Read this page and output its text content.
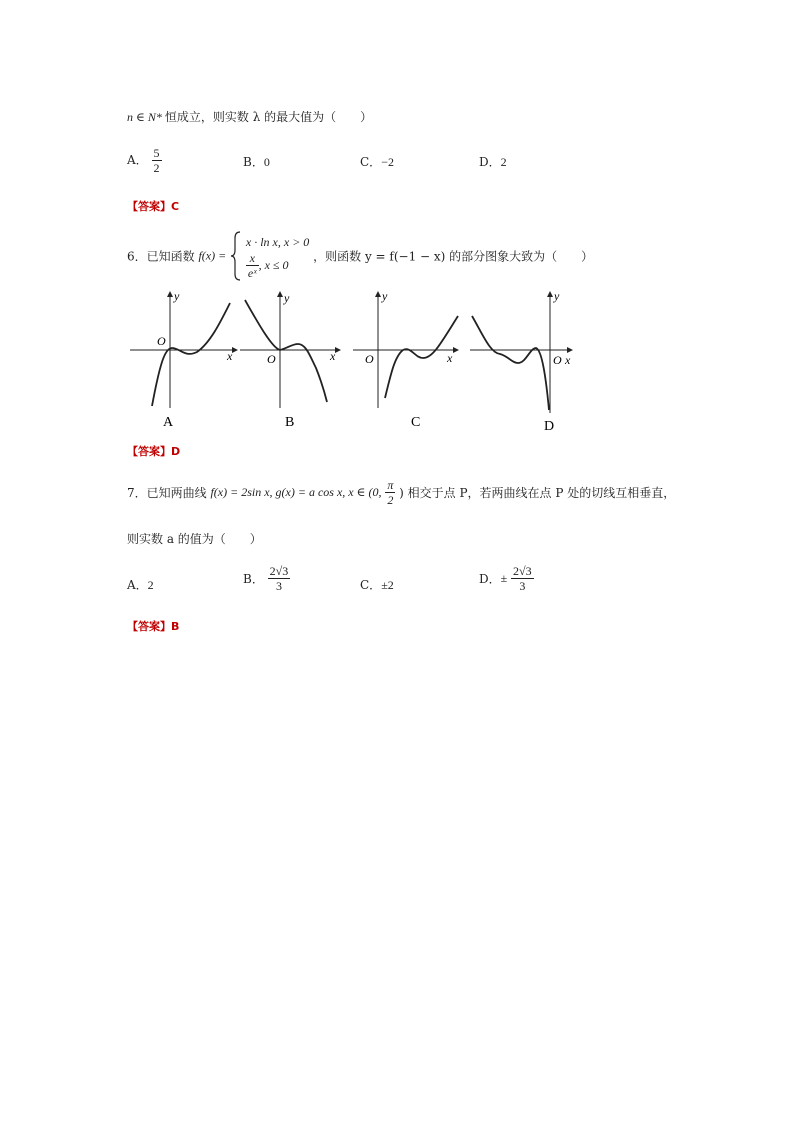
n ∈ N* 恒成立，则实数 λ 的最大值为（　　）
A． $\frac{5}{2}$	B．0	C．−2	D．2
【答案】C
6．已知函数 f(x) =
x · ln x, x > 0
$\frac{x}{\text{eˣ}}$ , x ≤ 0
，则函数 y = f(−1 − x) 的部分图象大致为（　　）
O
y
x
A
O
y
x
B
O
y
x
C
O
y
x
D
【答案】D
7．已知两曲线 f(x) = 2sin x, g(x) = a cos x, x ∈ (0, $\frac{\pi}{2}$ ) 相交于点 P，若两曲线在点 P 处的切线互相垂直，
则实数 a 的值为（　　）
A．2	B． $\frac{2√3}{3}$	C．±2	D．± $\frac{2√3}{3}$
【答案】B
